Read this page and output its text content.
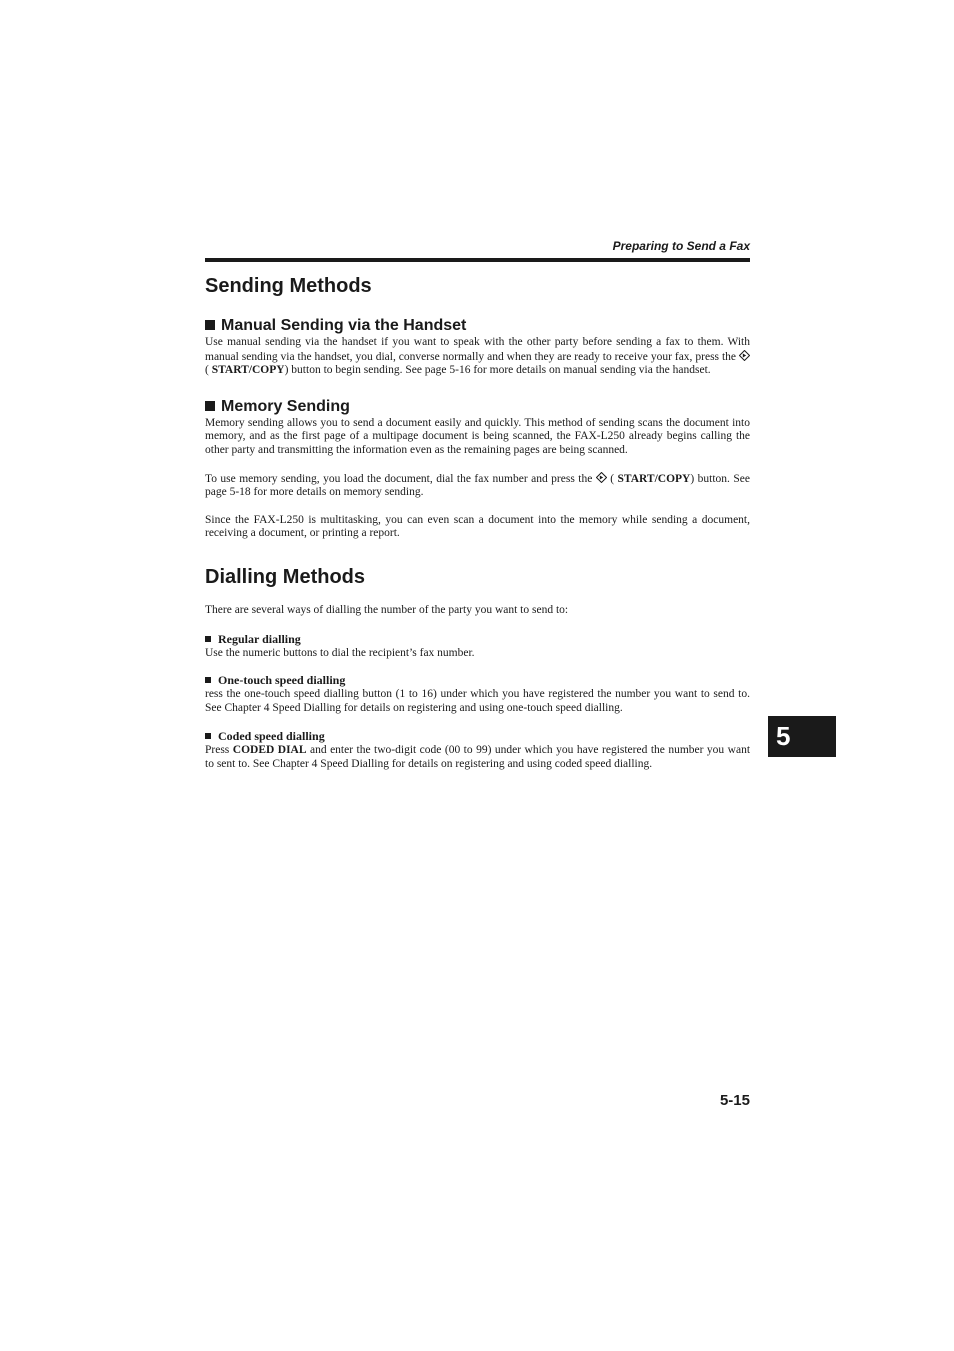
Preparing to Send a Fax
Sending Methods
Manual Sending via the Handset

Use manual sending via the handset if you want to speak with the other party before sending a fax to them. With manual sending via the handset, you dial, converse normally and when they are ready to receive your fax, press the  ( START/COPY) button to begin sending. See page 5-16 for more details on manual sending via the handset.

Memory Sending

Memory sending allows you to send a document easily and quickly. This method of sending scans the document into memory, and as the first page of a multipage document is being scanned, the FAX-L250 already begins calling the other party and transmitting the information even as the remaining pages are being scanned.

To use memory sending, you load the document, dial the fax number and press the  ( START/COPY) button. See page 5-18 for more details on memory sending.

Since the FAX-L250 is multitasking, you can even scan a document into the memory while sending a document, receiving a document, or printing a report.

Dialling Methods

There are several ways of dialling the number of the party you want to send to:

Regular dialling

Use the numeric buttons to dial the recipient’s fax number.

One-touch speed dialling

ress the one-touch speed dialling button (1 to 16) under which you have registered the number you want to send to. See Chapter 4 Speed Dialling for details on registering and using one-touch speed dialling.

Coded speed dialling

Press CODED DIAL and enter the two-digit code (00 to 99) under which you have registered the number you want to sent to. See Chapter 4 Speed Dialling for details on registering and using coded speed dialling.

5
5-15
